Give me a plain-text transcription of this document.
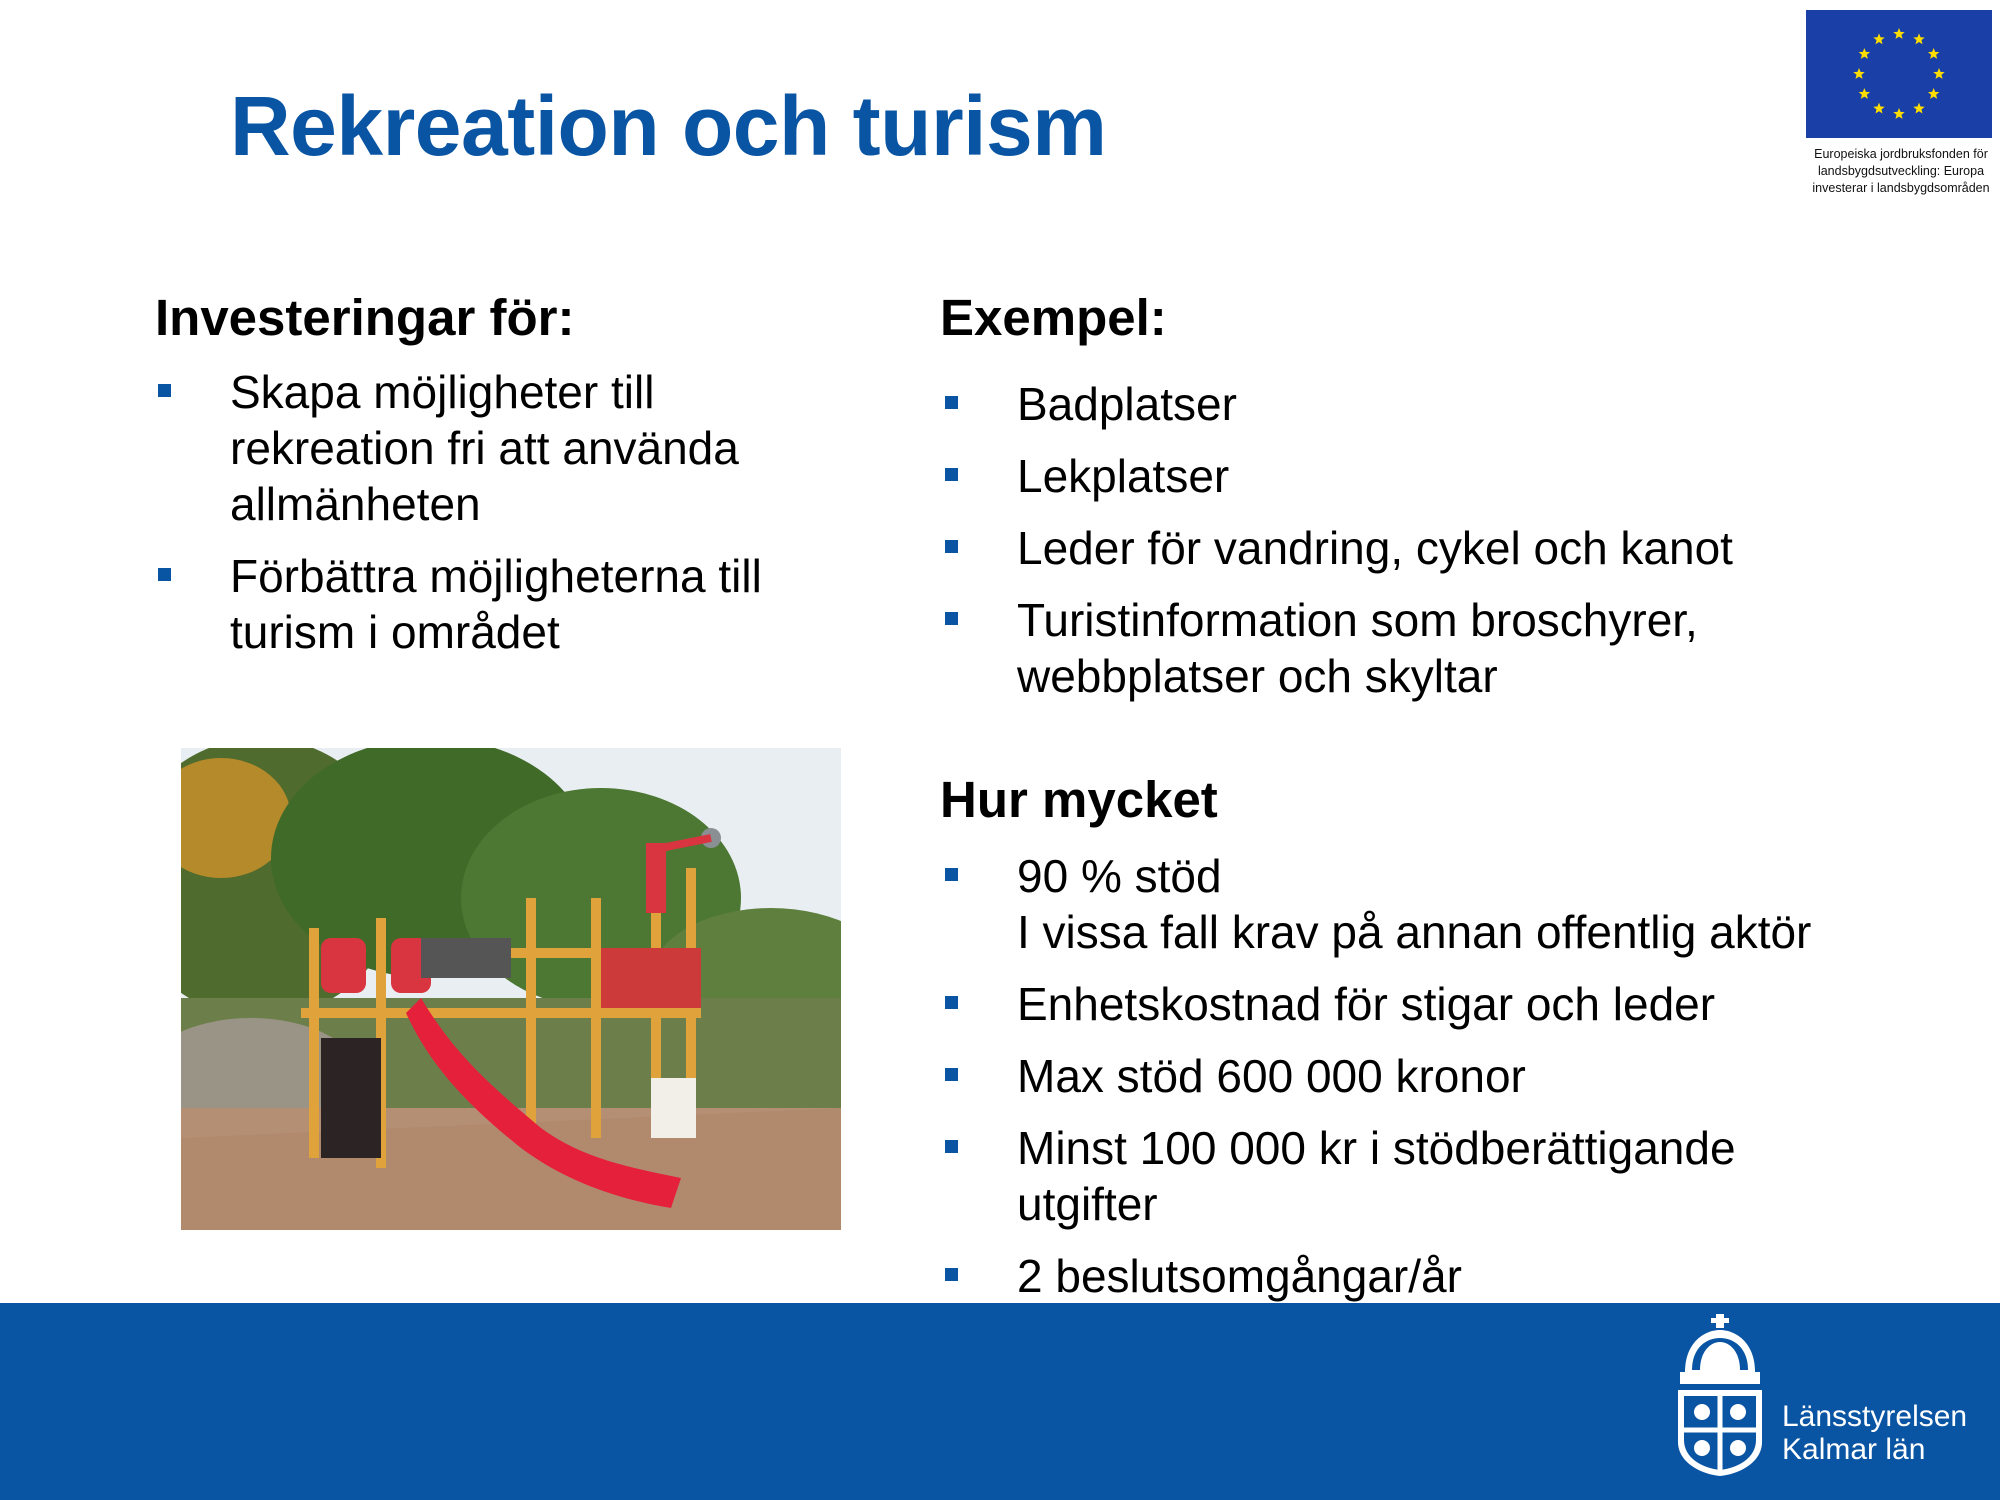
Rekreation och turism	Europeiska jordbruksfonden för
landsbygdsutveckling: Europa
investerar i landsbygdsområden
Investeringar för:
Skapa möjligheter till
rekreation fri att använda
allmänheten
Förbättra möjligheterna till
turism i området
Exempel:
Badplatser
Lekplatser
Leder för vandring, cykel och kanot
Turistinformation som broschyrer,
webbplatser och skyltar
Hur mycket
90 % stöd
I vissa fall krav på annan offentlig aktör
Enhetskostnad för stigar och leder
Max stöd 600 000 kronor
Minst 100 000 kr i stödberättigande
utgifter
2 beslutsomgångar/år
Länsstyrelsen
Kalmar län
